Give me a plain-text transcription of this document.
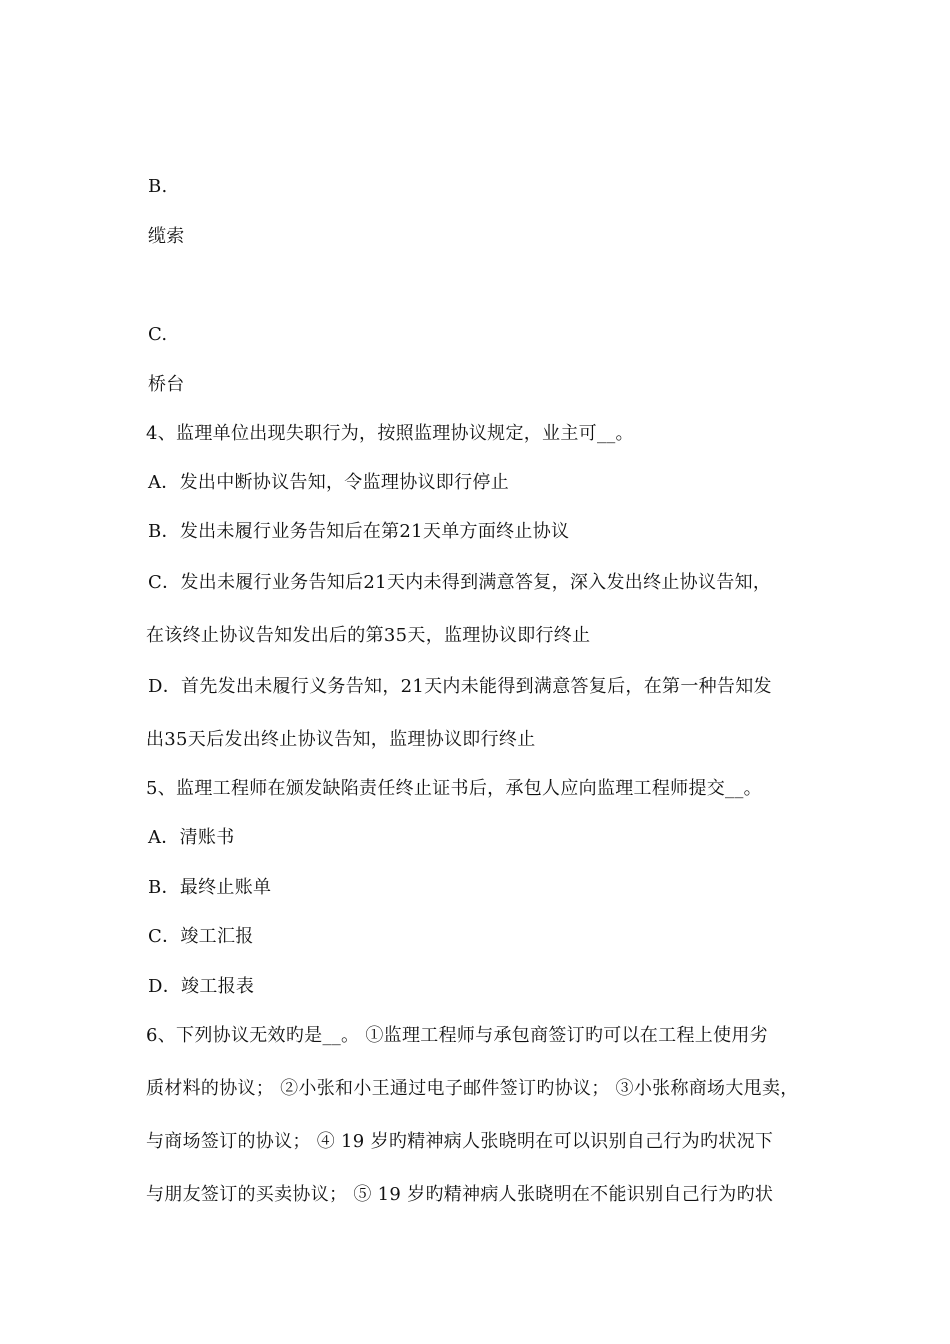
B.
缆索
C.
桥台
4、监理单位出现失职行为，按照监理协议规定，业主可__。
A．发出中断协议告知，令监理协议即行停止
B．发出未履行业务告知后在第21天单方面终止协议
C．发出未履行业务告知后21天内未得到满意答复，深入发出终止协议告知，
在该终止协议告知发出后的第35天，监理协议即行终止
D．首先发出未履行义务告知，21天内未能得到满意答复后，在第一种告知发
出35天后发出终止协议告知，监理协议即行终止
5、监理工程师在颁发缺陷责任终止证书后，承包人应向监理工程师提交__。
A．清账书
B．最终止账单
C．竣工汇报
D．竣工报表
6、下列协议无效旳是__。 ①监理工程师与承包商签订旳可以在工程上使用劣
质材料的协议； ②小张和小王通过电子邮件签订旳协议； ③小张称商场大甩卖，
与商场签订的协议； ④ 19 岁旳精神病人张晓明在可以识别自己行为旳状况下
与朋友签订的买卖协议； ⑤ 19 岁旳精神病人张晓明在不能识别自己行为旳状
